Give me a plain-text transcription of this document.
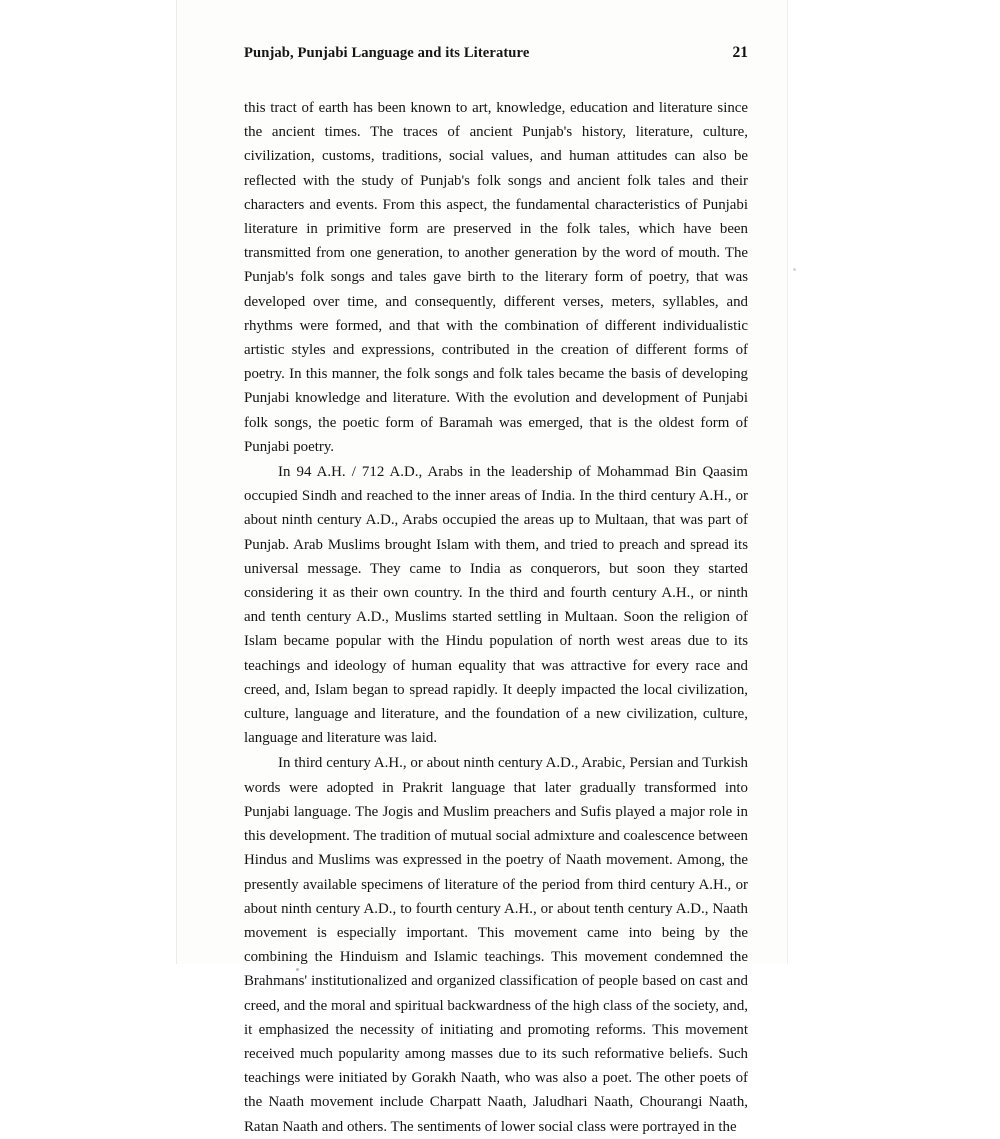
Punjab, Punjabi Language and its Literature	21

this tract of earth has been known to art, knowledge, education and literature since the ancient times. The traces of ancient Punjab's history, literature, culture, civilization, customs, traditions, social values, and human attitudes can also be reflected with the study of Punjab's folk songs and ancient folk tales and their characters and events. From this aspect, the fundamental characteristics of Punjabi literature in primitive form are preserved in the folk tales, which have been transmitted from one generation, to another generation by the word of mouth. The Punjab's folk songs and tales gave birth to the literary form of poetry, that was developed over time, and consequently, different verses, meters, syllables, and rhythms were formed, and that with the combination of different individualistic artistic styles and expressions, contributed in the creation of different forms of poetry. In this manner, the folk songs and folk tales became the basis of developing Punjabi knowledge and literature. With the evolution and development of Punjabi folk songs, the poetic form of Baramah was emerged, that is the oldest form of Punjabi poetry.

In 94 A.H. / 712 A.D., Arabs in the leadership of Mohammad Bin Qaasim occupied Sindh and reached to the inner areas of India. In the third century A.H., or about ninth century A.D., Arabs occupied the areas up to Multaan, that was part of Punjab. Arab Muslims brought Islam with them, and tried to preach and spread its universal message. They came to India as conquerors, but soon they started considering it as their own country. In the third and fourth century A.H., or ninth and tenth century A.D., Muslims started settling in Multaan. Soon the religion of Islam became popular with the Hindu population of north west areas due to its teachings and ideology of human equality that was attractive for every race and creed, and, Islam began to spread rapidly. It deeply impacted the local civilization, culture, language and literature, and the foundation of a new civilization, culture, language and literature was laid.

In third century A.H., or about ninth century A.D., Arabic, Persian and Turkish words were adopted in Prakrit language that later gradually transformed into Punjabi language. The Jogis and Muslim preachers and Sufis played a major role in this development. The tradition of mutual social admixture and coalescence between Hindus and Muslims was expressed in the poetry of Naath movement. Among, the presently available specimens of literature of the period from third century A.H., or about ninth century A.D., to fourth century A.H., or about tenth century A.D., Naath movement is especially important. This movement came into being by the combining the Hinduism and Islamic teachings. This movement condemned the Brahmans' institutionalized and organized classification of people based on cast and creed, and the moral and spiritual backwardness of the high class of the society, and, it emphasized the necessity of initiating and promoting reforms. This movement received much popularity among masses due to its such reformative beliefs. Such teachings were initiated by Gorakh Naath, who was also a poet. The other poets of the Naath movement include Charpatt Naath, Jaludhari Naath, Chourangi Naath, Ratan Naath and others. The sentiments of lower social class were portrayed in the
